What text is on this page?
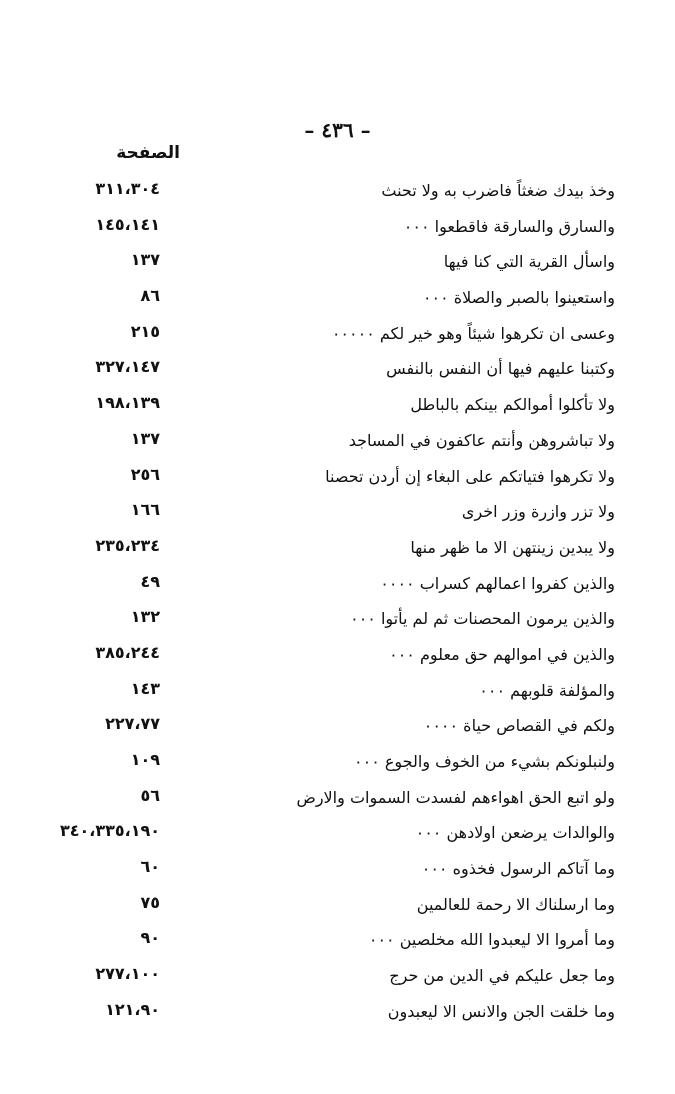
– ٤٣٦ –
الصفحة
وخذ بيدك ضغثاً فاضرب به ولا تحنث
٣١١،٣٠٤
والسارق والسارقة فاقطعوا ٠٠٠
١٤٥،١٤١
واسأل القرية التي كنا فيها
١٣٧
واستعينوا بالصبر والصلاة ٠٠٠
٨٦
وعسى ان تكرهوا شيئاً وهو خير لكم ٠٠٠٠٠
٢١٥
وكتبنا عليهم فيها أن النفس بالنفس
٣٢٧،١٤٧
ولا تأكلوا أموالكم بينكم بالباطل
١٩٨،١٣٩
ولا تباشروهن وأنتم عاكفون في المساجد
١٣٧
ولا تكرهوا فتياتكم على البغاء إن أردن تحصنا
٢٥٦
ولا تزر وازرة وزر اخرى
١٦٦
ولا يبدين زينتهن الا ما ظهر منها
٢٣٥،٢٣٤
والذين كفروا اعمالهم كسراب ٠٠٠٠
٤٩
والذين يرمون المحصنات ثم لم يأتوا ٠٠٠
١٣٢
والذين في اموالهم حق معلوم ٠٠٠
٣٨٥،٢٤٤
والمؤلفة قلوبهم ٠٠٠
١٤٣
ولكم في القصاص حياة ٠٠٠٠
٢٢٧،٧٧
ولنبلونكم بشيء من الخوف والجوع ٠٠٠
١٠٩
ولو اتبع الحق اهواءهم لفسدت السموات والارض
٥٦
والوالدات يرضعن اولادهن ٠٠٠
٣٤٠،٣٣٥،١٩٠
وما آتاكم الرسول فخذوه ٠٠٠
٦٠
وما ارسلناك الا رحمة للعالمين
٧٥
وما أمروا الا ليعبدوا الله مخلصين ٠٠٠
٩٠
وما جعل عليكم في الدين من حرج
٢٧٧،١٠٠
وما خلقت الجن والانس الا ليعبدون
١٢١،٩٠
